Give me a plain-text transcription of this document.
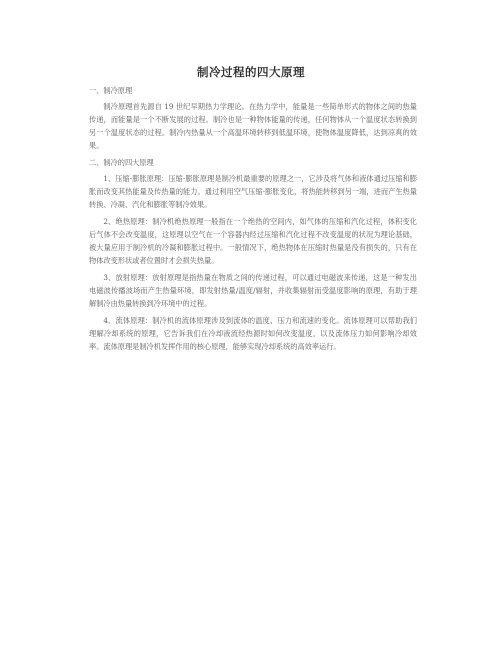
制冷过程的四大原理

一、制冷原理

制冷原理首先源自 19 世纪早期热力学理论。在热力学中，能量是一些简单形式的物体之间的热量传递，而能量是一个不断发展的过程。制冷也是一种物体能量的传递，任何物体从一个温度状态转换到另一个温度状态的过程。制冷内热量从一个高温环境转移到低温环境，使物体温度降低，达到凉爽的效果。

二、制冷的四大原理

1、压缩-膨胀原理：压缩-膨胀原理是制冷机最重要的原理之一，它涉及将气体和液体通过压缩和膨胀而改变其热能量及传热量的能力。通过利用空气压缩-膨胀变化，将热能转移到另一端，进而产生热量转换、冷凝、汽化和膨胀等制冷效果。

2、绝热原理：制冷机绝热原理一般指在一个绝热的空间内，如气体的压缩和汽化过程，体积变化后气体不会改变温度，这原理以空气在一个容器内经过压缩和汽化过程不改变温度的状况为理论基础，被大量应用于制冷机的冷凝和膨胀过程中。一般情况下，绝热物体在压缩时热量是没有损失的，只有在物体改变形状或者位置时才会损失热量。

3、放射原理：放射原理是指热量在物质之间的传递过程，可以通过电磁波来传递，这是一种发出电磁波传播波场而产生热量环境，即发射热量/温度/辐射，并收集辐射而受温度影响的原理，有助于理解制冷由热量转换到冷环境中的过程。

4、流体原理：制冷机的流体原理涉及到流体的温度、压力和流速的变化。流体原理可以帮助我们理解冷却系统的原理，它告诉我们在冷却液流经热源时如何改变温度，以及流体压力如何影响冷却效率。流体原理是制冷机发挥作用的核心原理，能够实现冷却系统的高效率运行。
